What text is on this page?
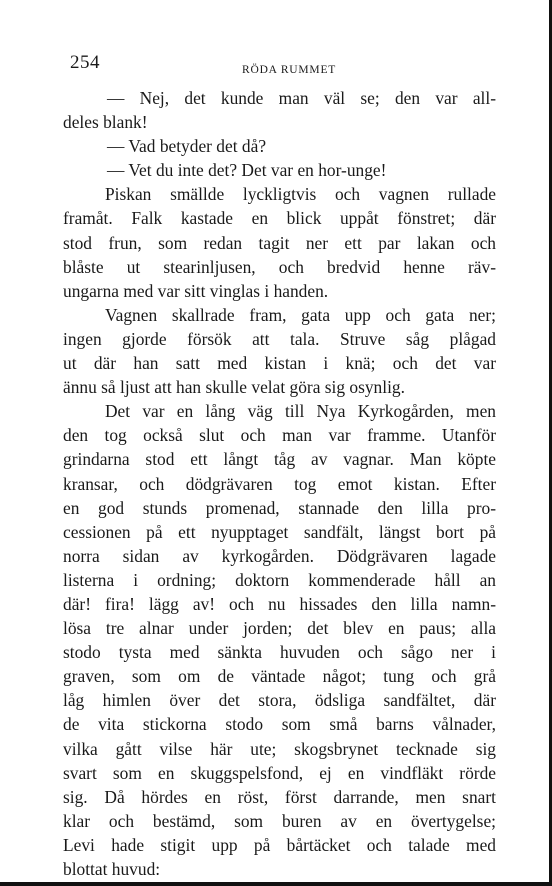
254	RÖDA RUMMET
— Nej, det kunde man väl se; den var all-
deles blank!
— Vad betyder det då?
— Vet du inte det? Det var en hor-unge!
Piskan smällde lyckligtvis och vagnen rullade
framåt. Falk kastade en blick uppåt fönstret; där
stod frun, som redan tagit ner ett par lakan och
blåste ut stearinljusen, och bredvid henne räv-
ungarna med var sitt vinglas i handen.
Vagnen skallrade fram, gata upp och gata ner;
ingen gjorde försök att tala. Struve såg plågad
ut där han satt med kistan i knä; och det var
ännu så ljust att han skulle velat göra sig osynlig.
Det var en lång väg till Nya Kyrkogården, men
den tog också slut och man var framme. Utanför
grindarna stod ett långt tåg av vagnar. Man köpte
kransar, och dödgrävaren tog emot kistan. Efter
en god stunds promenad, stannade den lilla pro-
cessionen på ett nyupptaget sandfält, längst bort på
norra sidan av kyrkogården. Dödgrävaren lagade
listerna i ordning; doktorn kommenderade håll an
där! fira! lägg av! och nu hissades den lilla namn-
lösa tre alnar under jorden; det blev en paus; alla
stodo tysta med sänkta huvuden och sågo ner i
graven, som om de väntade något; tung och grå
låg himlen över det stora, ödsliga sandfältet, där
de vita stickorna stodo som små barns vålnader,
vilka gått vilse här ute; skogsbrynet tecknade sig
svart som en skuggspelsfond, ej en vindfläkt rörde
sig. Då hördes en röst, först darrande, men snart
klar och bestämd, som buren av en övertygelse;
Levi hade stigit upp på bårtäcket och talade med
blottat huvud:
